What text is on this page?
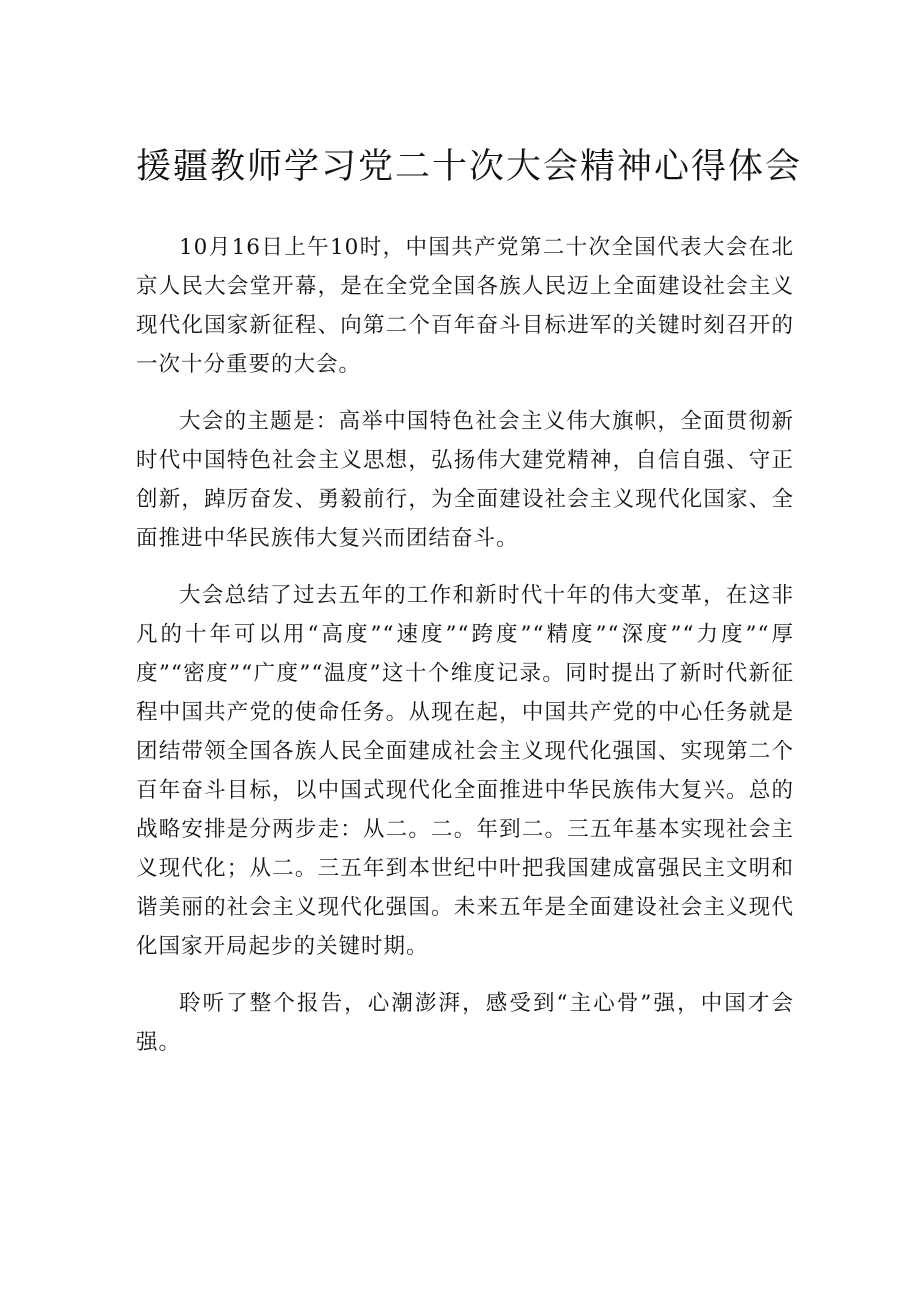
援疆教师学习党二十次大会精神心得体会

10月16日上午10时，中国共产党第二十次全国代表大会在北京人民大会堂开幕，是在全党全国各族人民迈上全面建设社会主义现代化国家新征程、向第二个百年奋斗目标进军的关键时刻召开的一次十分重要的大会。

大会的主题是：高举中国特色社会主义伟大旗帜，全面贯彻新时代中国特色社会主义思想，弘扬伟大建党精神，自信自强、守正创新，踔厉奋发、勇毅前行，为全面建设社会主义现代化国家、全面推进中华民族伟大复兴而团结奋斗。

大会总结了过去五年的工作和新时代十年的伟大变革，在这非凡的十年可以用“高度”“速度”“跨度”“精度”“深度”“力度”“厚度”“密度”“广度”“温度”这十个维度记录。同时提出了新时代新征程中国共产党的使命任务。从现在起，中国共产党的中心任务就是团结带领全国各族人民全面建成社会主义现代化强国、实现第二个百年奋斗目标，以中国式现代化全面推进中华民族伟大复兴。总的战略安排是分两步走：从二。二。年到二。三五年基本实现社会主义现代化；从二。三五年到本世纪中叶把我国建成富强民主文明和谐美丽的社会主义现代化强国。未来五年是全面建设社会主义现代化国家开局起步的关键时期。

聆听了整个报告，心潮澎湃，感受到“主心骨”强，中国才会强。
